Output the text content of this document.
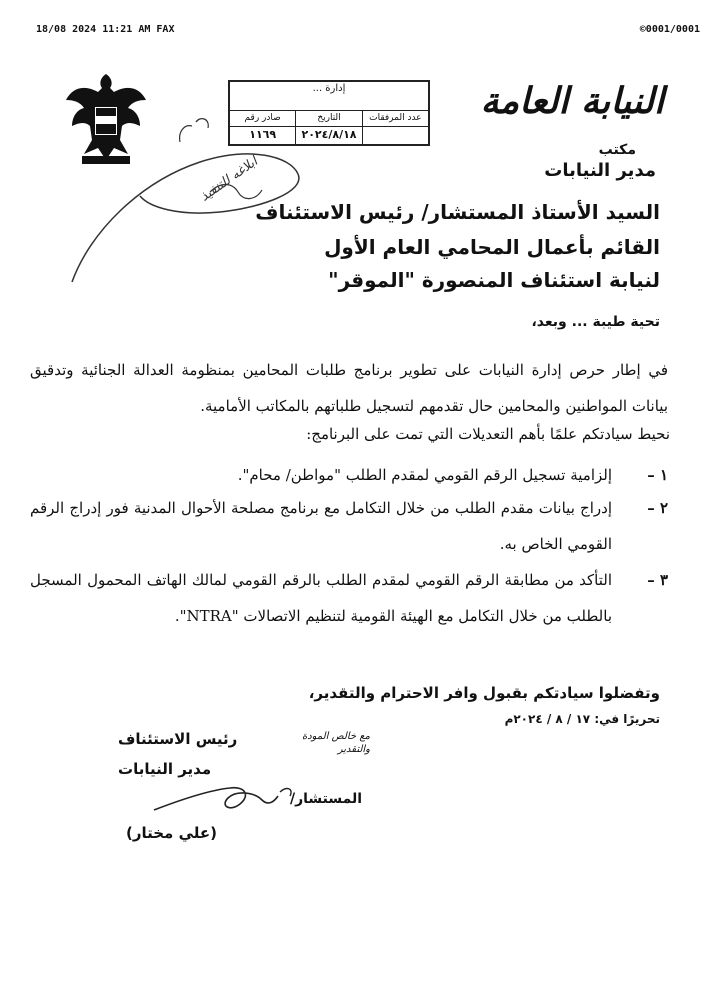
18/08 2024 11:21 AM FAX	©0001/0001
إدارة ...
عدد المرفقات
التاريخ
صادر رقم
٢٠٢٤/٨/١٨
١١٦٩
النيابة العامة
مكتب
مدير النيابات
ابلاغه للتنفيذ
السيد الأستاذ المستشار/ رئيس الاستئناف
القائم بأعمال المحامي العام الأول
لنيابة استئناف المنصورة "الموقر"
تحية طيبة ... وبعد،
في إطار حرص إدارة النيابات على تطوير برنامج طلبات المحامين بمنظومة العدالة الجنائية وتدقيق بيانات المواطنين والمحامين حال تقدمهم لتسجيل طلباتهم بالمكاتب الأمامية.
نحيط سيادتكم علمًا بأهم التعديلات التي تمت على البرنامج:
١ –
إلزامية تسجيل الرقم القومي لمقدم الطلب "مواطن/ محام".
٢ –
إدراج بيانات مقدم الطلب من خلال التكامل مع برنامج مصلحة الأحوال المدنية فور إدراج الرقم القومي الخاص به.
٣ –
التأكد من مطابقة الرقم القومي لمقدم الطلب بالرقم القومي لمالك الهاتف المحمول المسجل بالطلب من خلال التكامل مع الهيئة القومية لتنظيم الاتصالات "NTRA".
وتفضلوا سيادتكم بقبول وافر الاحترام والتقدير،
تحريرًا في: ١٧ / ٨ / ٢٠٢٤م
مع خالص المودة والتقدير
رئيس الاستئناف
مدير النيابات
المستشار/
(علي مختار)
